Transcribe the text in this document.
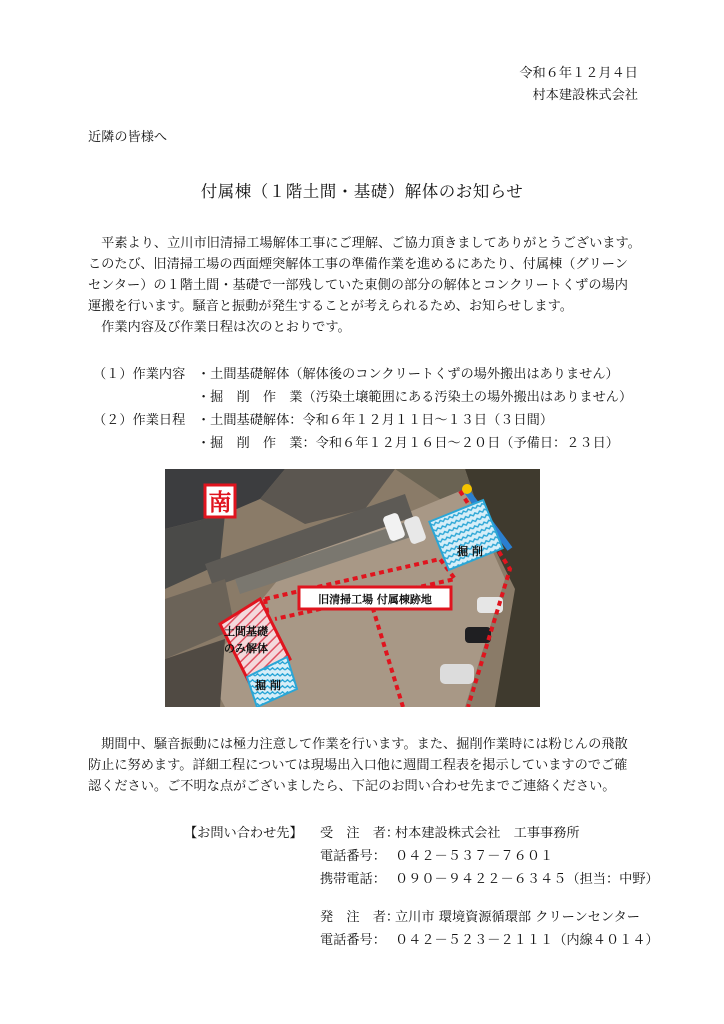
令和６年１２月４日
村本建設株式会社
近隣の皆様へ
付属棟（１階土間・基礎）解体のお知らせ

　平素より、立川市旧清掃工場解体工事にご理解、ご協力頂きましてありがとうございます。

このたび、旧清掃工場の西面煙突解体工事の準備作業を進めるにあたり、付属棟（グリーン

センター）の１階土間・基礎で一部残していた東側の部分の解体とコンクリートくずの場内

運搬を行います。騒音と振動が発生することが考えられるため、お知らせします。

　作業内容及び作業日程は次のとおりです。

（１）作業内容 ・土間基礎解体（解体後のコンクリートくずの場外搬出はありません）
・掘　削　作　業（汚染土壌範囲にある汚染土の場外搬出はありません）
（２）作業日程 ・土間基礎解体：令和６年１２月１１日～１３日（３日間）
・掘　削　作　業：令和６年１２月１６日～２０日（予備日：２３日）
南
旧清掃工場 付属棟跡地
土間基礎
のみ解体
掘 削
掘 削

　期間中、騒音振動には極力注意して作業を行います。また、掘削作業時には粉じんの飛散

防止に努めます。詳細工程については現場出入口他に週間工程表を掲示していますのでご確

認ください。ご不明な点がございましたら、下記のお問い合わせ先までご連絡ください。

【お問い合わせ先】 受　注　者：
村本建設株式会社　工事事務所
電話番号： ０４２－５３７－７６０１
携帯電話： ０９０－９４２２－６３４５（担当：中野）
発　注　者：
立川市 環境資源循環部 クリーンセンター
電話番号： ０４２－５２３－２１１１（内線４０１４）
